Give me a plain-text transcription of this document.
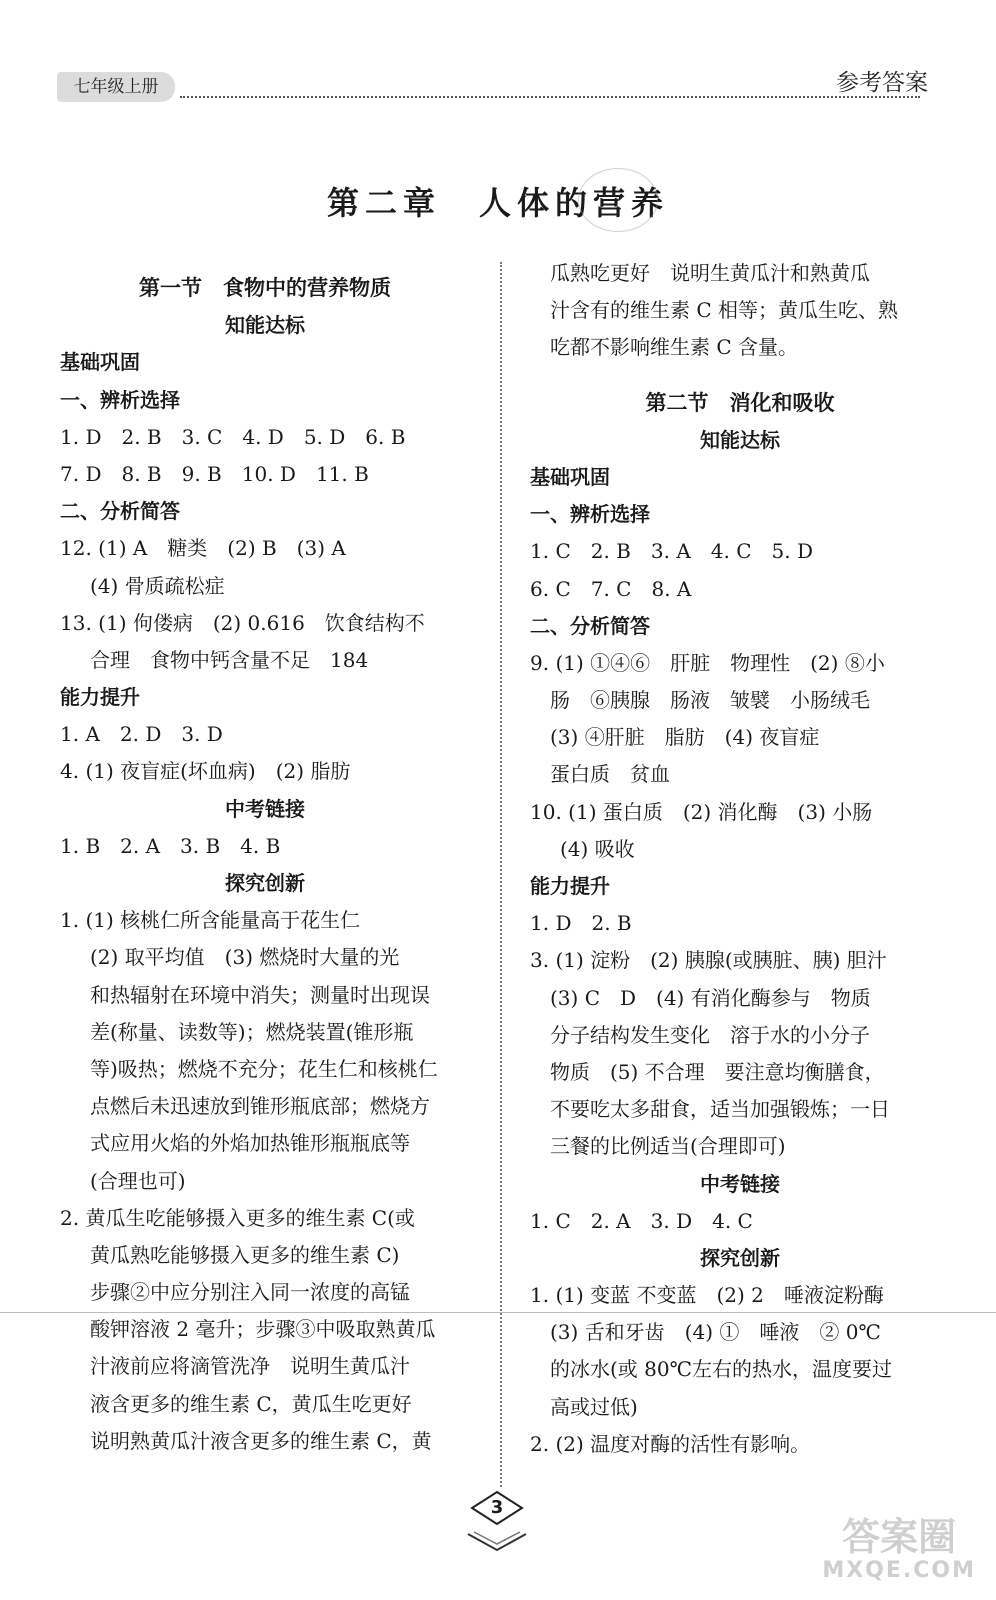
七年级上册	参考答案
第二章　人体的营养
第一节　食物中的营养物质
知能达标
基础巩固
一、辨析选择
1. D　2. B　3. C　4. D　5. D　6. B
7. D　8. B　9. B　10. D　11. B
二、分析简答
12. (1) A　糖类　(2) B　(3) A
(4) 骨质疏松症
13. (1) 佝偻病　(2) 0.616　饮食结构不
合理　食物中钙含量不足　184
能力提升
1. A　2. D　3. D
4. (1) 夜盲症(坏血病)　(2) 脂肪
中考链接
1. B　2. A　3. B　4. B
探究创新
1. (1) 核桃仁所含能量高于花生仁
(2) 取平均值　(3) 燃烧时大量的光
和热辐射在环境中消失；测量时出现误
差(称量、读数等)；燃烧装置(锥形瓶
等)吸热；燃烧不充分；花生仁和核桃仁
点燃后未迅速放到锥形瓶底部；燃烧方
式应用火焰的外焰加热锥形瓶瓶底等
(合理也可)
2. 黄瓜生吃能够摄入更多的维生素 C(或
黄瓜熟吃能够摄入更多的维生素 C)
步骤②中应分别注入同一浓度的高锰
酸钾溶液 2 毫升；步骤③中吸取熟黄瓜
汁液前应将滴管洗净　说明生黄瓜汁
液含更多的维生素 C，黄瓜生吃更好
说明熟黄瓜汁液含更多的维生素 C，黄
瓜熟吃更好　说明生黄瓜汁和熟黄瓜
汁含有的维生素 C 相等；黄瓜生吃、熟
吃都不影响维生素 C 含量。
第二节　消化和吸收
知能达标
基础巩固
一、辨析选择
1. C　2. B　3. A　4. C　5. D
6. C　7. C　8. A
二、分析简答
9. (1) ①④⑥　肝脏　物理性　(2) ⑧小
肠　⑥胰腺　肠液　皱襞　小肠绒毛
(3) ④肝脏　脂肪　(4) 夜盲症
蛋白质　贫血
10. (1) 蛋白质　(2) 消化酶　(3) 小肠
(4) 吸收
能力提升
1. D　2. B
3. (1) 淀粉　(2) 胰腺(或胰脏、胰) 胆汁
(3) C　D　(4) 有消化酶参与　物质
分子结构发生变化　溶于水的小分子
物质　(5) 不合理　要注意均衡膳食，
不要吃太多甜食，适当加强锻炼；一日
三餐的比例适当(合理即可)
中考链接
1. C　2. A　3. D　4. C
探究创新
1. (1) 变蓝 不变蓝　(2) 2　唾液淀粉酶
(3) 舌和牙齿　(4) ①　唾液　② 0℃
的冰水(或 80℃左右的热水，温度要过
高或过低)
2. (2) 温度对酶的活性有影响。
3
答案圈
MXQE.COM
